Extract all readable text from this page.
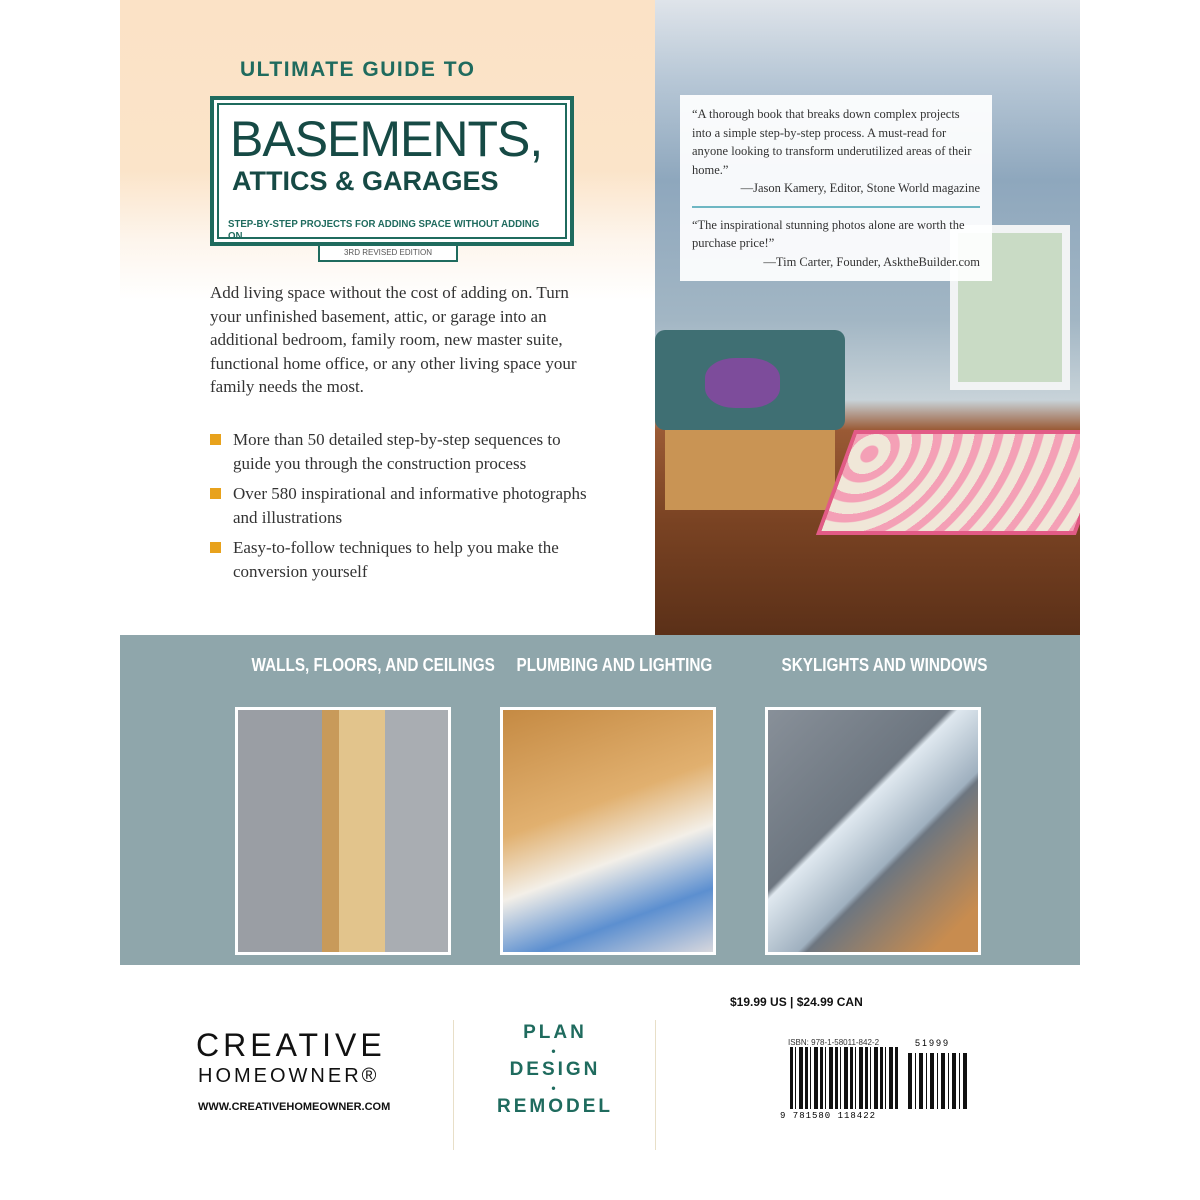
ULTIMATE GUIDE TO
BASEMENTS,
ATTICS & GARAGES
STEP-BY-STEP PROJECTS FOR ADDING SPACE WITHOUT ADDING ON
3RD REVISED EDITION

Add living space without the cost of adding on. Turn your unfinished basement, attic, or garage into an additional bedroom, family room, new master suite, functional home office, or any other living space your family needs the most.

More than 50 detailed step-by-step sequences to guide you through the construction process
Over 580 inspirational and informative photographs and illustrations
Easy-to-follow techniques to help you make the conversion yourself

“A thorough book that breaks down complex projects into a simple step-by-step process. A must-read for anyone looking to transform underutilized areas of their home.”

—Jason Kamery, Editor, Stone World magazine

“The inspirational stunning photos alone are worth the purchase price!”

—Tim Carter, Founder, AsktheBuilder.com

WALLS, FLOORS, AND CEILINGS PLUMBING AND LIGHTING	SKYLIGHTS AND WINDOWS
CREATIVE
HOMEOWNER®
WWW.CREATIVEHOMEOWNER.COM
PLAN
•
DESIGN
•
REMODEL
$19.99 US | $24.99 CAN
ISBN: 978-1-58011-842-2	51999
9 781580 118422
